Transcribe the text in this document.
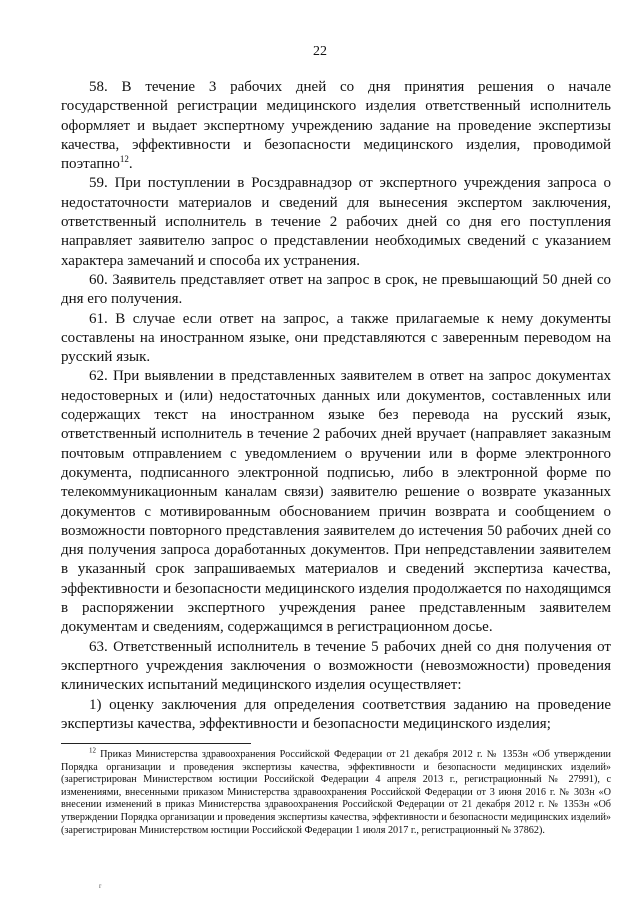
22

58. В течение 3 рабочих дней со дня принятия решения о начале государственной регистрации медицинского изделия ответственный исполнитель оформляет и выдает экспертному учреждению задание на проведение экспертизы качества, эффективности и безопасности медицинского изделия, проводимой поэтапно$^{12}$.

59. При поступлении в Росздравнадзор от экспертного учреждения запроса о недостаточности материалов и сведений для вынесения экспертом заключения, ответственный исполнитель в течение 2 рабочих дней со дня его поступления направляет заявителю запрос о представлении необходимых сведений с указанием характера замечаний и способа их устранения.

60. Заявитель представляет ответ на запрос в срок, не превышающий 50 дней со дня его получения.

61. В случае если ответ на запрос, а также прилагаемые к нему документы составлены на иностранном языке, они представляются с заверенным переводом на русский язык.

62. При выявлении в представленных заявителем в ответ на запрос документах недостоверных и (или) недостаточных данных или документов, составленных или содержащих текст на иностранном языке без перевода на русский язык, ответственный исполнитель в течение 2 рабочих дней вручает (направляет заказным почтовым отправлением с уведомлением о вручении или в форме электронного документа, подписанного электронной подписью, либо в электронной форме по телекоммуникационным каналам связи) заявителю решение о возврате указанных документов с мотивированным обоснованием причин возврата и сообщением о возможности повторного представления заявителем до истечения 50 рабочих дней со дня получения запроса доработанных документов. При непредставлении заявителем в указанный срок запрашиваемых материалов и сведений экспертиза качества, эффективности и безопасности медицинского изделия продолжается по находящимся в распоряжении экспертного учреждения ранее представленным заявителем документам и сведениям, содержащимся в регистрационном досье.

63. Ответственный исполнитель в течение 5 рабочих дней со дня получения от экспертного учреждения заключения о возможности (невозможности) проведения клинических испытаний медицинского изделия осуществляет:

1) оценку заключения для определения соответствия заданию на проведение экспертизы качества, эффективности и безопасности медицинского изделия;

$^{12}$ Приказ Министерства здравоохранения Российской Федерации от 21 декабря 2012 г. № 1353н «Об утверждении Порядка организации и проведения экспертизы качества, эффективности и безопасности медицинских изделий» (зарегистрирован Министерством юстиции Российской Федерации 4 апреля 2013 г., регистрационный № 27991), с изменениями, внесенными приказом Министерства здравоохранения Российской Федерации от 3 июня 2016 г. № 303н «О внесении изменений в приказ Министерства здравоохранения Российской Федерации от 21 декабря 2012 г. № 1353н «Об утверждении Порядка организации и проведения экспертизы качества, эффективности и безопасности медицинских изделий» (зарегистрирован Министерством юстиции Российской Федерации 1 июля 2017 г., регистрационный № 37862).
r
